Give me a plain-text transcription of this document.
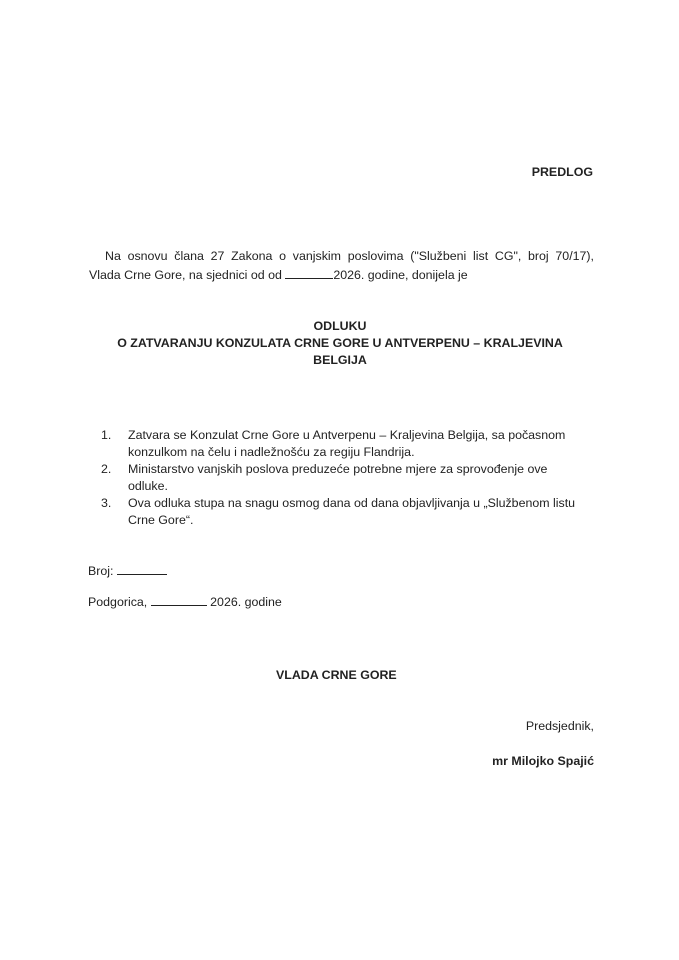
PREDLOG
Na osnovu člana 27 Zakona o vanjskim poslovima ("Službeni list CG", broj 70/17),
Vlada Crne Gore, na sjednici od od	2026. godine, donijela je
ODLUKU
O ZATVARANJU KONZULATA CRNE GORE U ANTVERPENU – KRALJEVINA
BELGIJA
1.	Zatvara se Konzulat Crne Gore u Antverpenu – Kraljevina Belgija, sa počasnom
konzulkom na čelu i nadležnošću za regiju Flandrija.
2.	Ministarstvo vanjskih poslova preduzeće potrebne mjere za sprovođenje ove
odluke.
3.	Ova odluka stupa na snagu osmog dana od dana objavljivanja u „Službenom listu
Crne Gore“.
Broj:
Podgorica,	2026. godine
VLADA CRNE GORE
Predsjednik,
mr Milojko Spajić
